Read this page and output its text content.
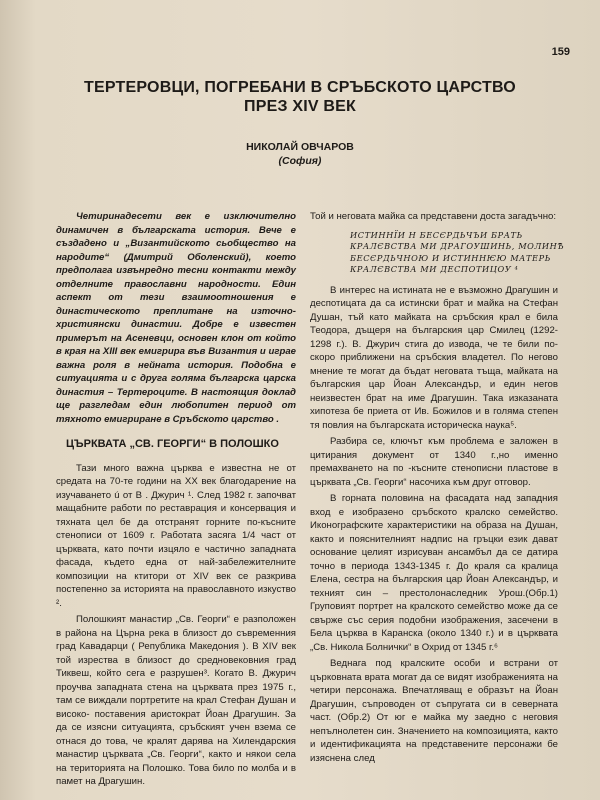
159
ТЕРТЕРОВЦИ, ПОГРЕБАНИ В СРЪБСКОТО ЦАРСТВО
ПРЕЗ XIV ВЕК
НИКОЛАЙ ОВЧАРОВ
(София)

Четиринадесети век е изключително динамичен в българската история. Вече е създадено и „Византийското сьобщество на народите“ (Дмитрий Оболенский), което предполага извънредно тесни контакти между отделните православни народности. Един аспект от тези взаимоотношения е династическото преплитане на източно-християнски династии. Добре е известен примерът на Асеневци, основен клон от който в края на XIII век емигрира във Византия и играе важна роля в нейната история. Подобна е ситуацията и с друга голяма българска царска династия – Тертероците. В настоящия доклад ще разгледам един любопитен период от тяхното емигриране в Сръбското царство .

ЦЪРКВАТА „СВ. ГЕОРГИ“ В ПОЛОШКО

Тази много важна църква е известна не от средата на 70-те години на XX век благодарение на изучаването ú от В . Джурич ¹. След 1982 г. започват мащабните работи по реставрация и консервация и тяхната цел бе да отстранят горните по-късните стенописи от 1609 г. Работата засяга 1/4 част от църквата, като почти изцяло е частично западната фасада, където една от най-забележителните композиции на ктитори от XIV век се разкрива постепенно за историята на православното изкуство ².

Полошкият манастир „Св. Георги“ е разположен в района на Църна река в близост до съвременния град Кавадарци ( Република Македония ). В XIV век той изрества в близост до средновековния град Тиквеш, който сега е разрушен³. Когато В. Джурич проучва западната стена на църквата през 1975 г., там се виждали портретите на крал Стефан Душан и високо- поставения аристократ Йоан Драгушин. За да се изясни ситуацията, сръбският учен взема се отнася до това, че кралят дарява на Хилендарския манастир църквата „Св. Георги“, както и някои села на територията на Полошко. Това било по молба и в памет на Драгушин.

Той и неговата майка са представени доста загадъчно:

ИСТИННЇИ Н БЕСЄРДЬЧЪИ БРАТЬ
КРАЛЄВСТВА МИ ДРАГОУШИНЬ, МОЛИНѢ
БЕСЄРДЬЧНОЮ И ИСТИННѤЮ МАТЕРЬ
КРАЛЄВСТВА МИ ДЕСПОТИЦОУ ⁴

В интерес на истината не е възможно Драгушин и деспотицата да са истински брат и майка на Стефан Душан, тъй като майката на сръбския крал е била Теодора, дъщеря на българския цар Смилец (1292-1298 г.). В. Джурич стига до извода, че те били по-скоро приближени на сръбския владетел. По негово мнение те могат да бъдат неговата тъща, майката на българския цар Йоан Александър, и един негов неизвестен брат на име Драгушин. Така изказаната хипотеза бе приета от Ив. Божилов и в голяма степен тя повлия на българската историческа наука⁵.

Разбира се, ключът към проблема е заложен в цитирания документ от 1340 г.,но именно премахването на по -късните стенописни пластове в църквата „Св. Георги“ насочиха към друг отговор.

В горната половина на фасадата над западния вход е изобразено сръбското кралско семейство. Иконографските характеристики на образа на Душан, както и пояснителният надпис на гръцки език дават основание целият изрисуван ансамбъл да се датира точно в периода 1343-1345 г. До краля са кралица Елена, сестра на българския цар Йоан Александър, и техният син – престолонаследник Урош.(Обр.1) Груповият портрет на кралското семейство може да се свърже със серия подобни изображения, засечени в Бела църква в Каранска (около 1340 г.) и в църквата „Св. Никола Болнички“ в Охрид от 1345 г.⁶

Веднага под кралските особи и встрани от църковната врата могат да се видят изображенията на четири персонажа. Впечатляващ е образът на Йоан Драгушин, съпроводен от съпругата си в северната част. (Обр.2) От юг е майка му заедно с неговия непълнолетен син. Значението на композицията, както и идентификацията на представените персонажи бе изяснена след
